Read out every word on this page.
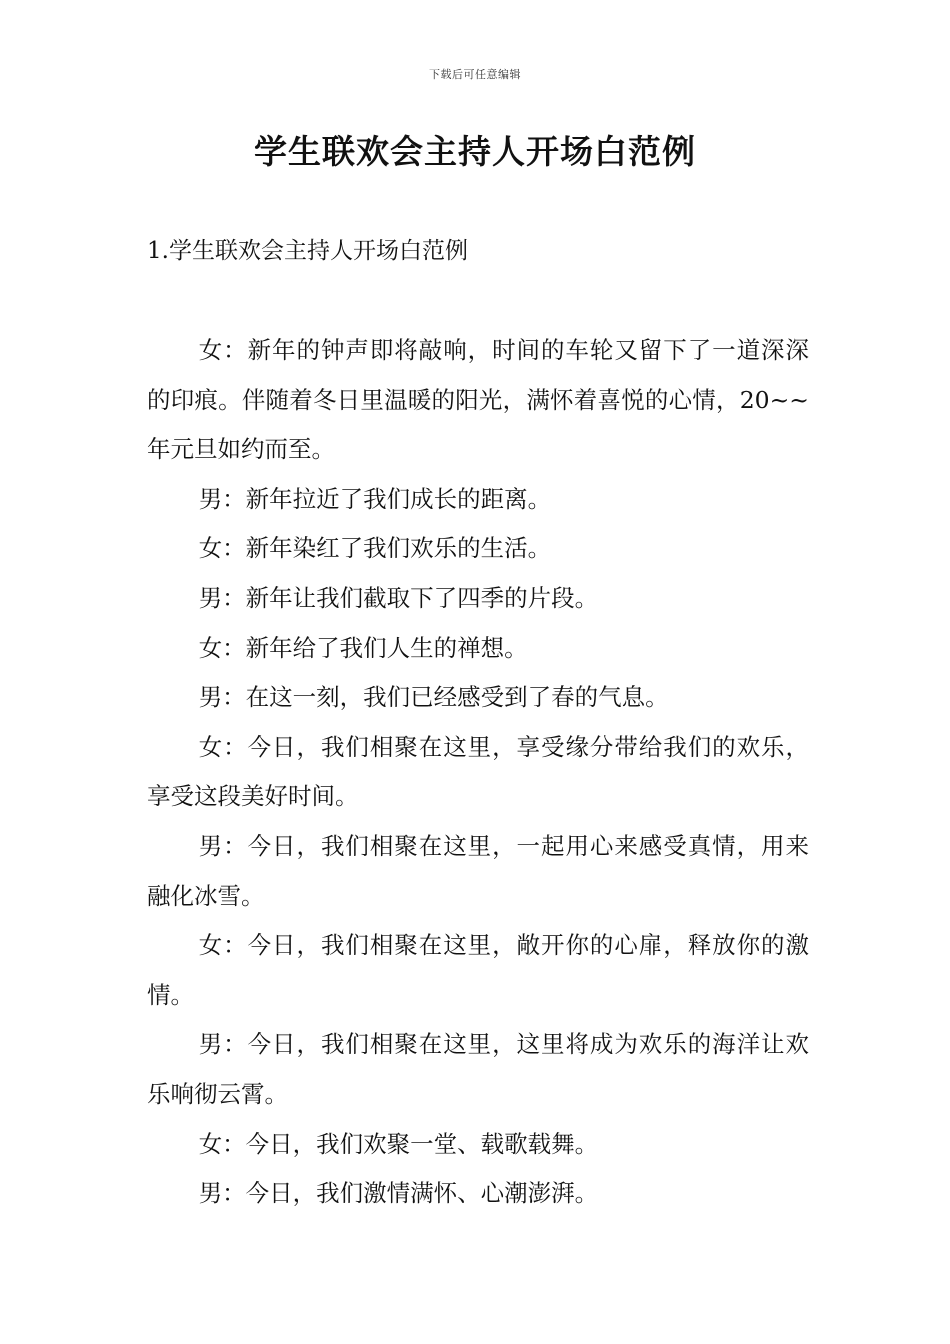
下载后可任意编辑
学生联欢会主持人开场白范例
1.学生联欢会主持人开场白范例

女：新年的钟声即将敲响，时间的车轮又留下了一道深深的印痕。伴随着冬日里温暖的阳光，满怀着喜悦的心情，20~~年元旦如约而至。

男：新年拉近了我们成长的距离。

女：新年染红了我们欢乐的生活。

男：新年让我们截取下了四季的片段。

女：新年给了我们人生的禅想。

男：在这一刻，我们已经感受到了春的气息。

女：今日，我们相聚在这里，享受缘分带给我们的欢乐，享受这段美好时间。

男：今日，我们相聚在这里，一起用心来感受真情，用来融化冰雪。

女：今日，我们相聚在这里，敞开你的心扉，释放你的激情。

男：今日，我们相聚在这里，这里将成为欢乐的海洋让欢乐响彻云霄。

女：今日，我们欢聚一堂、载歌载舞。

男：今日，我们激情满怀、心潮澎湃。
